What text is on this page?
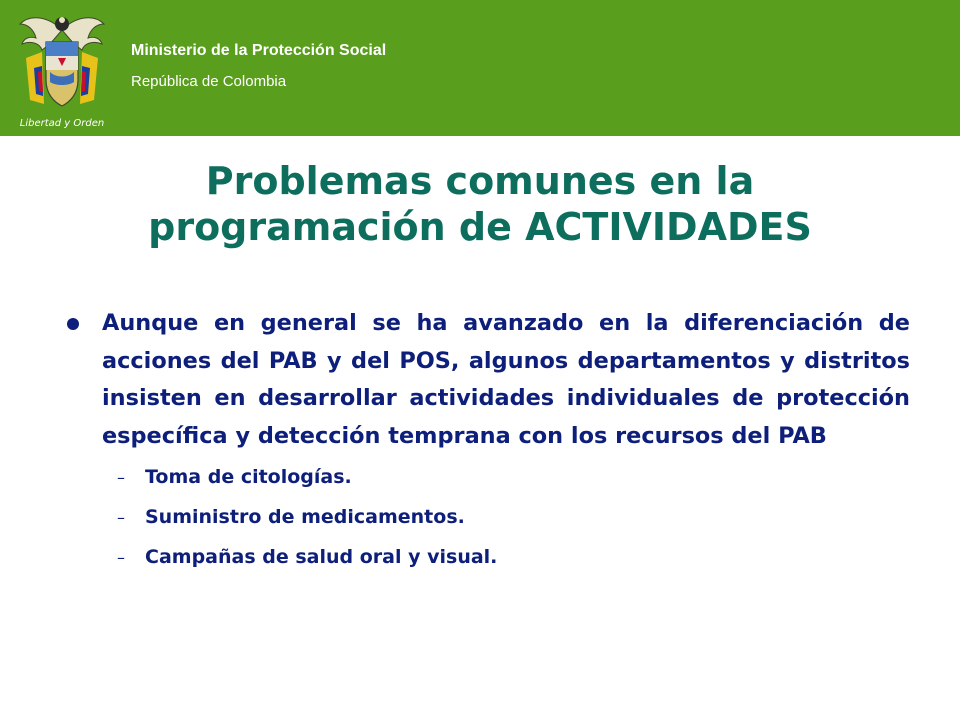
Libertad y Orden
Ministerio de la Protección Social
República de Colombia
Problemas comunes en la
programación de ACTIVIDADES
Aunque en general se ha avanzado en la diferenciación de acciones del PAB y del POS, algunos departamentos y distritos insisten en desarrollar actividades individuales de protección específica y detección temprana con los recursos del PAB
– Toma de citologías.
– Suministro de medicamentos.
– Campañas de salud oral y visual.
